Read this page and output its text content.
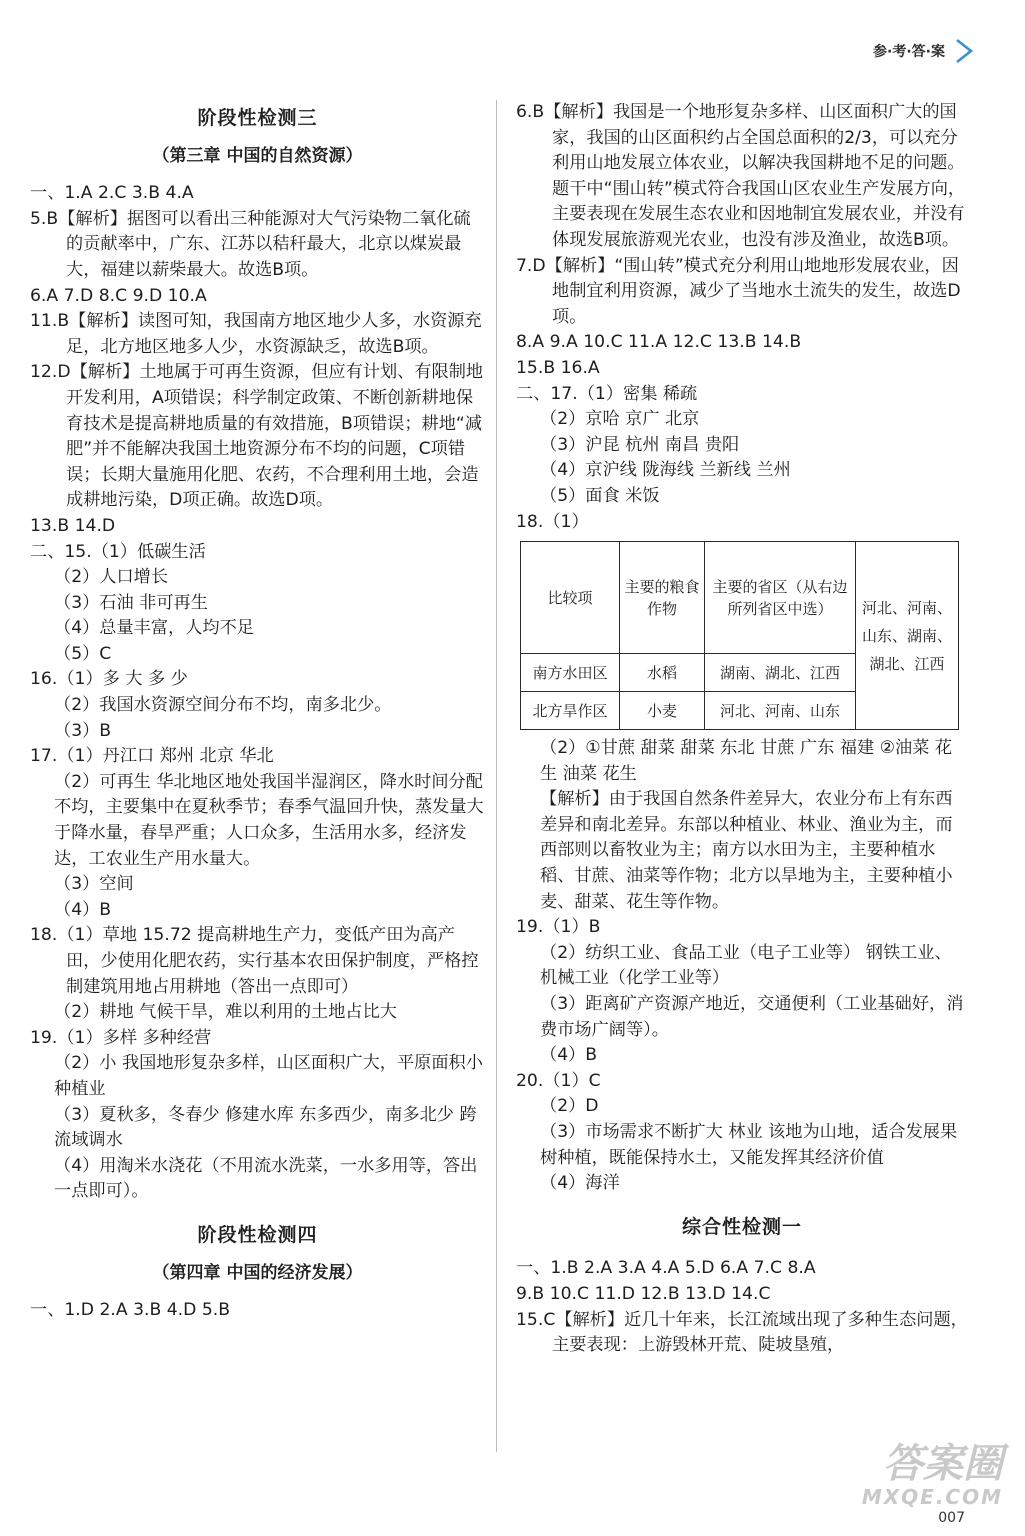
参·考·答·案

阶段性检测三

（第三章 中国的自然资源）

一、1.A 2.C 3.B 4.A

5.B【解析】据图可以看出三种能源对大气污染物二氧化硫的贡献率中，广东、江苏以秸秆最大，北京以煤炭最大，福建以薪柴最大。故选B项。

6.A 7.D 8.C 9.D 10.A

11.B【解析】读图可知，我国南方地区地少人多，水资源充足，北方地区地多人少，水资源缺乏，故选B项。

12.D【解析】土地属于可再生资源，但应有计划、有限制地开发利用，A项错误；科学制定政策、不断创新耕地保育技术是提高耕地质量的有效措施，B项错误；耕地“减肥”并不能解决我国土地资源分布不均的问题，C项错误；长期大量施用化肥、农药，不合理利用土地，会造成耕地污染，D项正确。故选D项。

13.B 14.D

二、15.（1）低碳生活

（2）人口增长

（3）石油 非可再生

（4）总量丰富，人均不足

（5）C

16.（1）多 大 多 少

（2）我国水资源空间分布不均，南多北少。

（3）B

17.（1）丹江口 郑州 北京 华北

（2）可再生 华北地区地处我国半湿润区，降水时间分配不均，主要集中在夏秋季节；春季气温回升快，蒸发量大于降水量，春旱严重；人口众多，生活用水多，经济发达，工农业生产用水量大。

（3）空间

（4）B

18.（1）草地 15.72 提高耕地生产力，变低产田为高产田，少使用化肥农药，实行基本农田保护制度，严格控制建筑用地占用耕地（答出一点即可）

（2）耕地 气候干旱，难以利用的土地占比大

19.（1）多样 多种经营

（2）小 我国地形复杂多样，山区面积广大，平原面积小 种植业

（3）夏秋多，冬春少 修建水库 东多西少，南多北少 跨流域调水

（4）用淘米水浇花（不用流水洗菜，一水多用等，答出一点即可）。

阶段性检测四

（第四章 中国的经济发展）

一、1.D 2.A 3.B 4.D 5.B

6.B【解析】我国是一个地形复杂多样、山区面积广大的国家，我国的山区面积约占全国总面积的2/3，可以充分利用山地发展立体农业，以解决我国耕地不足的问题。题干中“围山转”模式符合我国山区农业生产发展方向，主要表现在发展生态农业和因地制宜发展农业，并没有体现发展旅游观光农业，也没有涉及渔业，故选B项。

7.D【解析】“围山转”模式充分利用山地地形发展农业，因地制宜利用资源，减少了当地水土流失的发生，故选D项。

8.A 9.A 10.C 11.A 12.C 13.B 14.B

15.B 16.A

二、17.（1）密集 稀疏

（2）京哈 京广 北京

（3）沪昆 杭州 南昌 贵阳

（4）京沪线 陇海线 兰新线 兰州

（5）面食 米饭

18.（1）

比较项	主要的粮食作物	主要的省区（从右边所列省区中选）	河北、河南、山东、湖南、湖北、江西
南方水田区	水稻	湖南、湖北、江西	
北方旱作区	小麦	河北、河南、山东	

（2）①甘蔗 甜菜 甜菜 东北 甘蔗 广东 福建 ②油菜 花生 油菜 花生

【解析】由于我国自然条件差异大，农业分布上有东西差异和南北差异。东部以种植业、林业、渔业为主，而西部则以畜牧业为主；南方以水田为主，主要种植水稻、甘蔗、油菜等作物；北方以旱地为主，主要种植小麦、甜菜、花生等作物。

19.（1）B

（2）纺织工业、食品工业（电子工业等） 钢铁工业、机械工业（化学工业等）

（3）距离矿产资源产地近，交通便利（工业基础好，消费市场广阔等）。

（4）B

20.（1）C

（2）D

（3）市场需求不断扩大 林业 该地为山地，适合发展果树种植，既能保持水土，又能发挥其经济价值

（4）海洋

综合性检测一

一、1.B 2.A 3.A 4.A 5.D 6.A 7.C 8.A

9.B 10.C 11.D 12.B 13.D 14.C

15.C【解析】近几十年来，长江流域出现了多种生态问题，主要表现：上游毁林开荒、陡坡垦殖，

答案圈
MXQE.COM
007
